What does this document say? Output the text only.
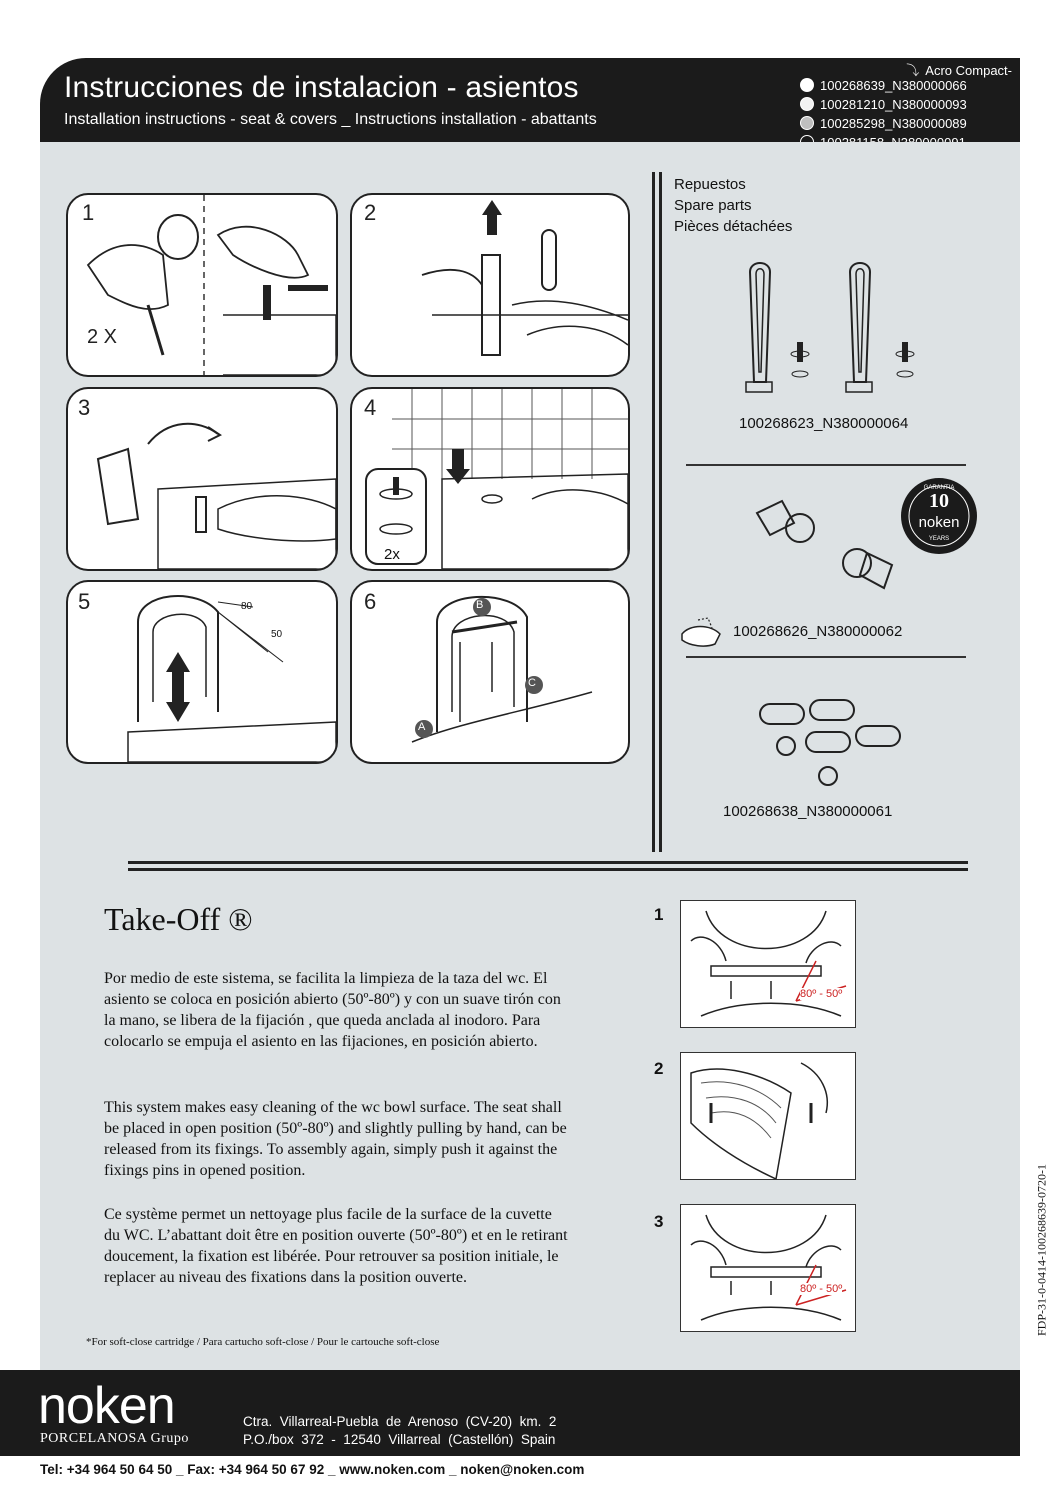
Instrucciones de instalacion - asientos
Installation instructions - seat & covers _ Instructions installation - abattants
⤵ Acro Compact-
100268639_N380000066
100281210_N380000093
100285298_N380000089
1
2 X
2
3	4
2x
5	80
50
6	B
C
A
Repuestos
Spare parts
Pièces détachées
100268623_N380000064
GARANTIA
10
noken
YEARS
100268626_N380000062
100268638_N380000061
Take-Off ®
Por medio de este sistema, se facilita la limpieza de la taza del wc. El asiento se coloca en posición abierto (50º-80º) y con un suave tirón con la mano, se libera de la fijación , que queda anclada al inodoro. Para colocarlo se empuja el asiento en las fijaciones, en posición abierto.
This system makes easy cleaning of the wc bowl surface. The seat shall be placed in open position (50º-80º) and slightly pulling by hand, can be released from its fixings. To assembly again, simply push it against the fixings pins in opened position.
Ce système permet un nettoyage plus facile de la surface de la cuvette du WC. L’abattant doit être en position ouverte (50º-80º) et en le retirant doucement, la fixation est libérée. Pour retrouver sa position initiale, le replacer au niveau des fixations dans la position ouverte.
*For soft-close cartridge / Para cartucho soft-close / Pour le cartouche soft-close
1
80º - 50º
2
3
80º - 50º	FDP-31-0-0414-100268639-0720-1
noken
PORCELANOSA Grupo
Ctra.  Villarreal-Puebla  de  Arenoso  (CV-20)  km.  2
P.O./box  372  -  12540  Villarreal  (Castellón)  Spain
Tel: +34 964 50 64 50 _ Fax: +34 964 50 67 92 _ www.noken.com _ noken@noken.com
